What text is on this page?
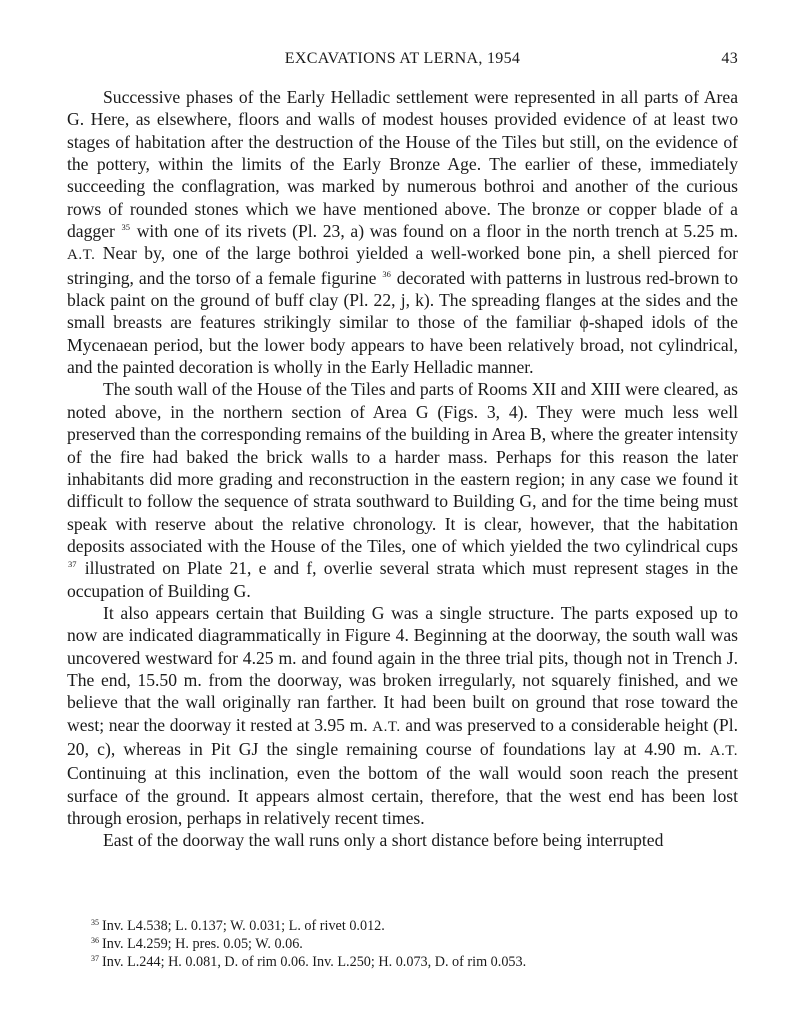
EXCAVATIONS AT LERNA, 1954	43

Successive phases of the Early Helladic settlement were represented in all parts of Area G. Here, as elsewhere, floors and walls of modest houses provided evidence of at least two stages of habitation after the destruction of the House of the Tiles but still, on the evidence of the pottery, within the limits of the Early Bronze Age. The earlier of these, immediately succeeding the conflagration, was marked by numerous bothroi and another of the curious rows of rounded stones which we have mentioned above. The bronze or copper blade of a dagger $^{35}$ with one of its rivets (Pl. 23, a) was found on a floor in the north trench at 5.25 m. A.T. Near by, one of the large bothroi yielded a well-worked bone pin, a shell pierced for stringing, and the torso of a female figurine $^{36}$ decorated with patterns in lustrous red-brown to black paint on the ground of buff clay (Pl. 22, j, k). The spreading flanges at the sides and the small breasts are features strikingly similar to those of the familiar ϕ-shaped idols of the Mycenaean period, but the lower body appears to have been relatively broad, not cylindrical, and the painted decoration is wholly in the Early Helladic manner.

The south wall of the House of the Tiles and parts of Rooms XII and XIII were cleared, as noted above, in the northern section of Area G (Figs. 3, 4). They were much less well preserved than the corresponding remains of the building in Area B, where the greater intensity of the fire had baked the brick walls to a harder mass. Perhaps for this reason the later inhabitants did more grading and reconstruction in the eastern region; in any case we found it difficult to follow the sequence of strata southward to Building G, and for the time being must speak with reserve about the relative chronology. It is clear, however, that the habitation deposits associated with the House of the Tiles, one of which yielded the two cylindrical cups $^{37}$ illustrated on Plate 21, e and f, overlie several strata which must represent stages in the occupation of Building G.

It also appears certain that Building G was a single structure. The parts exposed up to now are indicated diagrammatically in Figure 4. Beginning at the doorway, the south wall was uncovered westward for 4.25 m. and found again in the three trial pits, though not in Trench J. The end, 15.50 m. from the doorway, was broken irregularly, not squarely finished, and we believe that the wall originally ran farther. It had been built on ground that rose toward the west; near the doorway it rested at 3.95 m. A.T. and was preserved to a considerable height (Pl. 20, c), whereas in Pit GJ the single remaining course of foundations lay at 4.90 m. A.T. Continuing at this inclination, even the bottom of the wall would soon reach the present surface of the ground. It appears almost certain, therefore, that the west end has been lost through erosion, perhaps in relatively recent times.

East of the doorway the wall runs only a short distance before being interrupted

$^{35}$ Inv. L4.538; L. 0.137; W. 0.031; L. of rivet 0.012.
$^{36}$ Inv. L4.259; H. pres. 0.05; W. 0.06.
$^{37}$ Inv. L.244; H. 0.081, D. of rim 0.06. Inv. L.250; H. 0.073, D. of rim 0.053.
